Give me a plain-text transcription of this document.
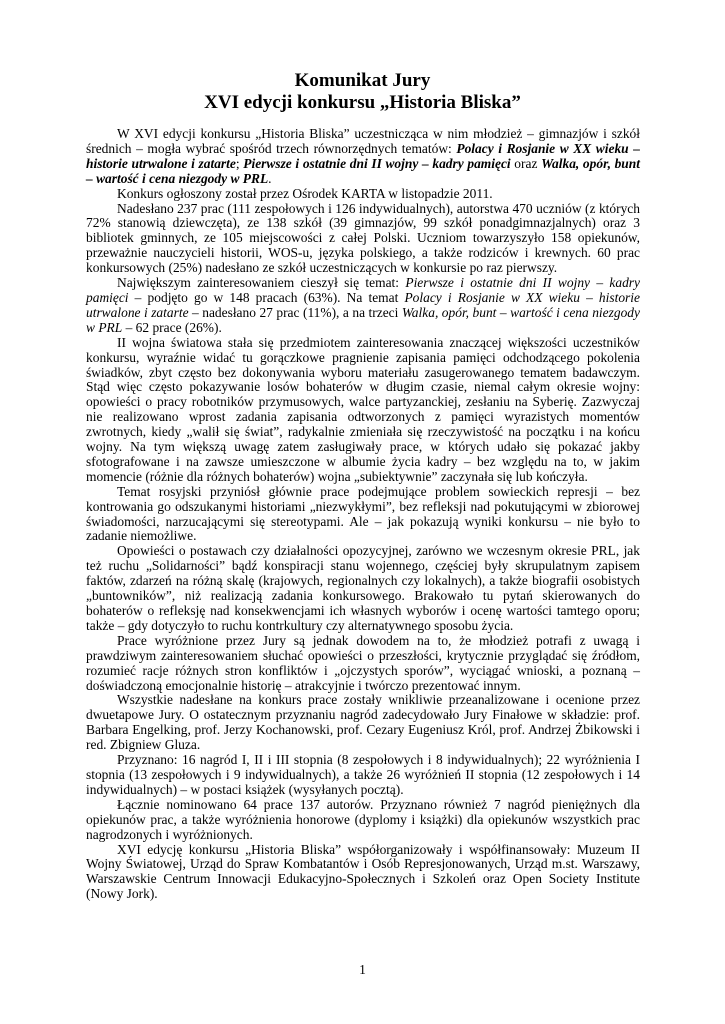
Komunikat Jury
XVI edycji konkursu „Historia Bliska”

W XVI edycji konkursu „Historia Bliska” uczestnicząca w nim młodzież – gimnazjów i szkół średnich – mogła wybrać spośród trzech równorzędnych tematów: Polacy i Rosjanie w XX wieku – historie utrwalone i zatarte; Pierwsze i ostatnie dni II wojny – kadry pamięci oraz Walka, opór, bunt – wartość i cena niezgody w PRL.

Konkurs ogłoszony został przez Ośrodek KARTA w listopadzie 2011.

Nadesłano 237 prac (111 zespołowych i 126 indywidualnych), autorstwa 470 uczniów (z których 72% stanowią dziewczęta), ze 138 szkół (39 gimnazjów, 99 szkół ponadgimnazjalnych) oraz 3 bibliotek gminnych, ze 105 miejscowości z całej Polski. Uczniom towarzyszyło 158 opiekunów, przeważnie nauczycieli historii, WOS-u, języka polskiego, a także rodziców i krewnych. 60 prac konkursowych (25%) nadesłano ze szkół uczestniczących w konkursie po raz pierwszy.

Największym zainteresowaniem cieszył się temat: Pierwsze i ostatnie dni II wojny – kadry pamięci – podjęto go w 148 pracach (63%). Na temat Polacy i Rosjanie w XX wieku – historie utrwalone i zatarte – nadesłano 27 prac (11%), a na trzeci Walka, opór, bunt – wartość i cena niezgody w PRL – 62 prace (26%).

II wojna światowa stała się przedmiotem zainteresowania znaczącej większości uczestników konkursu, wyraźnie widać tu gorączkowe pragnienie zapisania pamięci odchodzącego pokolenia świadków, zbyt często bez dokonywania wyboru materiału zasugerowanego tematem badawczym. Stąd więc często pokazywanie losów bohaterów w długim czasie, niemal całym okresie wojny: opowieści o pracy robotników przymusowych, walce partyzanckiej, zesłaniu na Syberię. Zazwyczaj nie realizowano wprost zadania zapisania odtworzonych z pamięci wyrazistych momentów zwrotnych, kiedy „walił się świat”, radykalnie zmieniała się rzeczywistość na początku i na końcu wojny. Na tym większą uwagę zatem zasługiwały prace, w których udało się pokazać jakby sfotografowane i na zawsze umieszczone w albumie życia kadry – bez względu na to, w jakim momencie (różnie dla różnych bohaterów) wojna „subiektywnie” zaczynała się lub kończyła.

Temat rosyjski przyniósł głównie prace podejmujące problem sowieckich represji – bez kontrowania go odszukanymi historiami „niezwykłymi”, bez refleksji nad pokutującymi w zbiorowej świadomości, narzucającymi się stereotypami. Ale – jak pokazują wyniki konkursu – nie było to zadanie niemożliwe.

Opowieści o postawach czy działalności opozycyjnej, zarówno we wczesnym okresie PRL, jak też ruchu „Solidarności” bądź konspiracji stanu wojennego, częściej były skrupulatnym zapisem faktów, zdarzeń na różną skalę (krajowych, regionalnych czy lokalnych), a także biografii osobistych „buntowników”, niż realizacją zadania konkursowego. Brakowało tu pytań skierowanych do bohaterów o refleksję nad konsekwencjami ich własnych wyborów i ocenę wartości tamtego oporu; także – gdy dotyczyło to ruchu kontrkultury czy alternatywnego sposobu życia.

Prace wyróżnione przez Jury są jednak dowodem na to, że młodzież potrafi z uwagą i prawdziwym zainteresowaniem słuchać opowieści o przeszłości, krytycznie przyglądać się źródłom, rozumieć racje różnych stron konfliktów i „ojczystych sporów”, wyciągać wnioski, a poznaną – doświadczoną emocjonalnie historię – atrakcyjnie i twórczo prezentować innym.

Wszystkie nadesłane na konkurs prace zostały wnikliwie przeanalizowane i ocenione przez dwuetapowe Jury. O ostatecznym przyznaniu nagród zadecydowało Jury Finałowe w składzie: prof. Barbara Engelking, prof. Jerzy Kochanowski, prof. Cezary Eugeniusz Król, prof. Andrzej Żbikowski i red. Zbigniew Gluza.

Przyznano: 16 nagród I, II i III stopnia (8 zespołowych i 8 indywidualnych); 22 wyróżnienia I stopnia (13 zespołowych i 9 indywidualnych), a także 26 wyróżnień II stopnia (12 zespołowych i 14 indywidualnych) – w postaci książek (wysyłanych pocztą).

Łącznie nominowano 64 prace 137 autorów. Przyznano również 7 nagród pieniężnych dla opiekunów prac, a także wyróżnienia honorowe (dyplomy i książki) dla opiekunów wszystkich prac nagrodzonych i wyróżnionych.

XVI edycję konkursu „Historia Bliska” współorganizowały i współfinansowały: Muzeum II Wojny Światowej, Urząd do Spraw Kombatantów i Osób Represjonowanych, Urząd m.st. Warszawy, Warszawskie Centrum Innowacji Edukacyjno-Społecznych i Szkoleń oraz Open Society Institute (Nowy Jork).

1
